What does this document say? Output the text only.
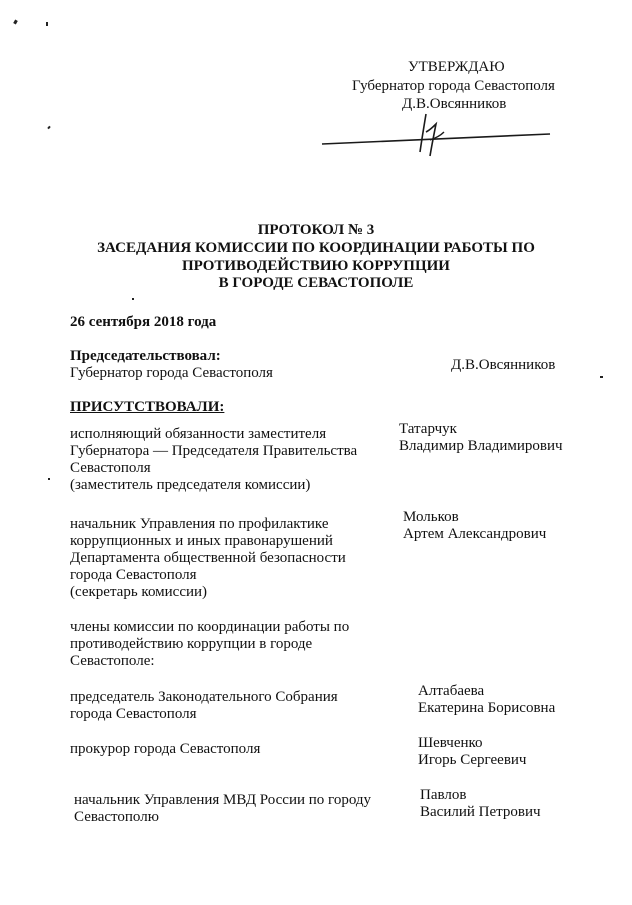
УТВЕРЖДАЮ
Губернатор города Севастополя
Д.В.Овсянников
ПРОТОКОЛ № 3
ЗАСЕДАНИЯ КОМИССИИ ПО КООРДИНАЦИИ РАБОТЫ ПО
ПРОТИВОДЕЙСТВИЮ КОРРУПЦИИ
В ГОРОДЕ СЕВАСТОПОЛЕ
26 сентября 2018 года
Председательствовал:
Губернатор города Севастополя	Д.В.Овсянников
ПРИСУТСТВОВАЛИ:
исполняющий обязанности заместителя
Губернатора — Председателя Правительства
Севастополя
(заместитель председателя комиссии)
Татарчук
Владимир Владимирович
начальник Управления по профилактике
коррупционных и иных правонарушений
Департамента общественной безопасности
города Севастополя
(секретарь комиссии)
Мольков
Артем Александрович
члены комиссии по координации работы по
противодействию коррупции в городе
Севастополе:
председатель Законодательного Собрания
города Севастополя
Алтабаева
Екатерина Борисовна
прокурор города Севастополя	Шевченко
Игорь Сергеевич
начальник Управления МВД России по городу
Севастополю
Павлов
Василий Петрович
